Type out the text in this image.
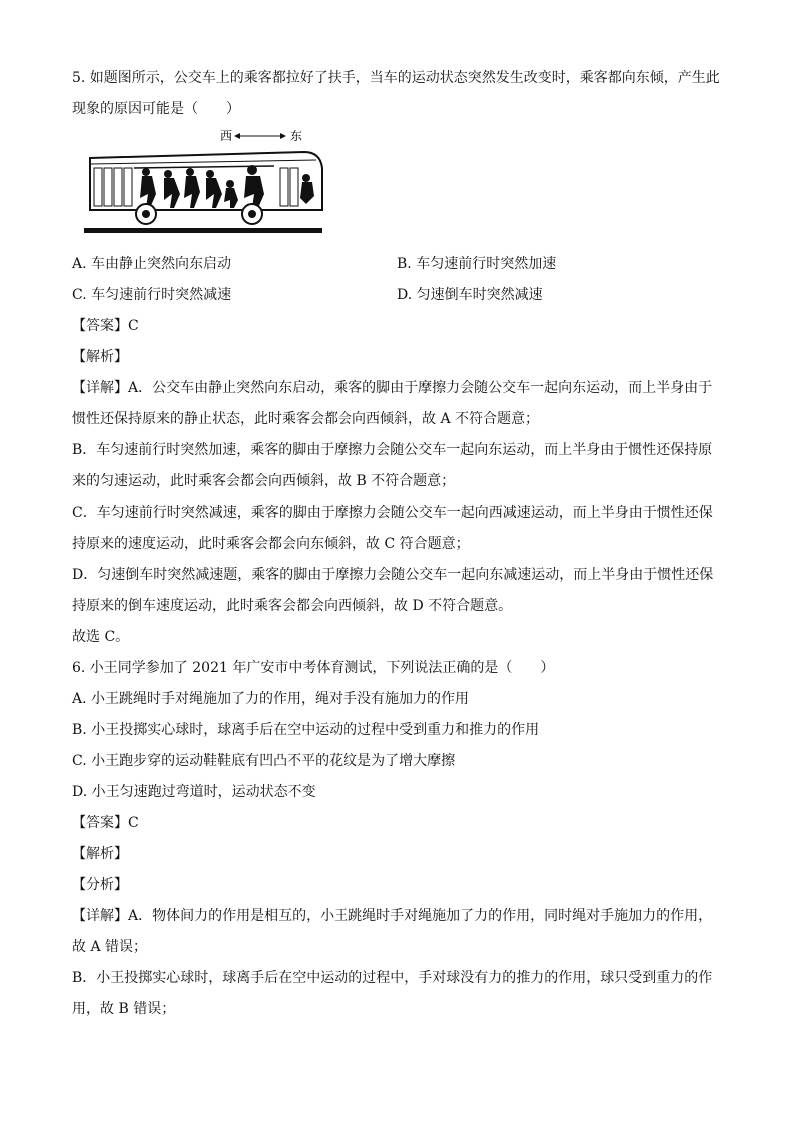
5. 如题图所示，公交车上的乘客都拉好了扶手，当车的运动状态突然发生改变时，乘客都向东倾，产生此
现象的原因可能是（　　）
西	东
A. 车由静止突然向东启动	B. 车匀速前行时突然加速
C. 车匀速前行时突然减速	D. 匀速倒车时突然减速
【答案】C
【解析】
【详解】A．公交车由静止突然向东启动，乘客的脚由于摩擦力会随公交车一起向东运动，而上半身由于
惯性还保持原来的静止状态，此时乘客会都会向西倾斜，故 A 不符合题意；
B．车匀速前行时突然加速，乘客的脚由于摩擦力会随公交车一起向东运动，而上半身由于惯性还保持原
来的匀速运动，此时乘客会都会向西倾斜，故 B 不符合题意；
C．车匀速前行时突然减速，乘客的脚由于摩擦力会随公交车一起向西减速运动，而上半身由于惯性还保
持原来的速度运动，此时乘客会都会向东倾斜，故 C 符合题意；
D．匀速倒车时突然减速题，乘客的脚由于摩擦力会随公交车一起向东减速运动，而上半身由于惯性还保
持原来的倒车速度运动，此时乘客会都会向西倾斜，故 D 不符合题意。
故选 C。
6. 小王同学参加了 2021 年广安市中考体育测试，下列说法正确的是（　　）
A. 小王跳绳时手对绳施加了力的作用，绳对手没有施加力的作用
B. 小王投掷实心球时，球离手后在空中运动的过程中受到重力和推力的作用
C. 小王跑步穿的运动鞋鞋底有凹凸不平的花纹是为了增大摩擦
D. 小王匀速跑过弯道时，运动状态不变
【答案】C
【解析】
【分析】
【详解】A．物体间力的作用是相互的，小王跳绳时手对绳施加了力的作用，同时绳对手施加力的作用，
故 A 错误；
B．小王投掷实心球时，球离手后在空中运动的过程中，手对球没有力的推力的作用，球只受到重力的作
用，故 B 错误；
